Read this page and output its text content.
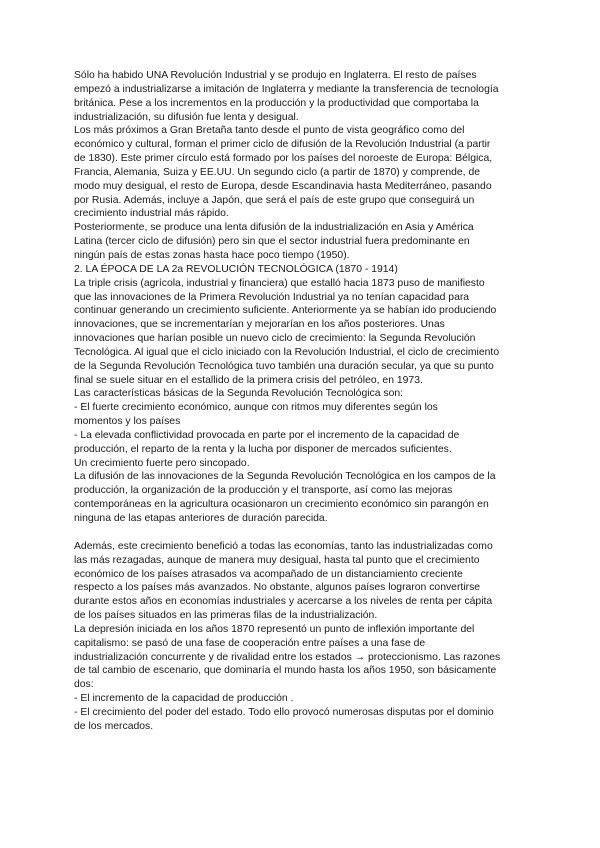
Sólo ha habido UNA Revolución Industrial y se produjo en Inglaterra. El resto de países
empezó a industrializarse a imitación de Inglaterra y mediante la transferencia de tecnología
británica. Pese a los incrementos en la producción y la productividad que comportaba la
industrialización, su difusión fue lenta y desigual.

Los más próximos a Gran Bretaña tanto desde el punto de vista geográfico como del
económico y cultural, forman el primer ciclo de difusión de la Revolución Industrial (a partir
de 1830). Este primer círculo está formado por los países del noroeste de Europa: Bélgica,
Francia, Alemania, Suiza y EE.UU. Un segundo ciclo (a partir de 1870) y comprende, de
modo muy desigual, el resto de Europa, desde Escandinavia hasta Mediterráneo, pasando
por Rusia. Además, incluye a Japón, que será el país de este grupo que conseguirá un
crecimiento industrial más rápido.

Posteriormente, se produce una lenta difusión de la industrialización en Asia y América
Latina (tercer ciclo de difusión) pero sin que el sector industrial fuera predominante en
ningún país de estas zonas hasta hace poco tiempo (1950).

2. LA ÉPOCA DE LA 2a REVOLUCIÓN TECNOLÓGICA (1870 - 1914)

La triple crisis (agrícola, industrial y financiera) que estalló hacia 1873 puso de manifiesto
que las innovaciones de la Primera Revolución Industrial ya no tenían capacidad para
continuar generando un crecimiento suficiente. Anteriormente ya se habían ido produciendo
innovaciones, que se incrementarían y mejorarían en los años posteriores. Unas
innovaciones que harían posible un nuevo ciclo de crecimiento: la Segunda Revolución
Tecnológica. Al igual que el ciclo iniciado con la Revolución Industrial, el ciclo de crecimiento
de la Segunda Revolución Tecnológica tuvo también una duración secular, ya que su punto
final se suele situar en el estallido de la primera crisis del petróleo, en 1973.

Las características básicas de la Segunda Revolución Tecnológica son:

- El fuerte crecimiento económico, aunque con ritmos muy diferentes según los
momentos y los países

- La elevada conflictividad provocada en parte por el incremento de la capacidad de
producción, el reparto de la renta y la lucha por disponer de mercados suficientes.

Un crecimiento fuerte pero sincopado.

La difusión de las innovaciones de la Segunda Revolución Tecnológica en los campos de la
producción, la organización de la producción y el transporte, así como las mejoras
contemporáneas en la agricultura ocasionaron un crecimiento económico sin parangón en
ninguna de las etapas anteriores de duración parecida.

Además, este crecimiento benefició a todas las economías, tanto las industrializadas como
las más rezagadas, aunque de manera muy desigual, hasta tal punto que el crecimiento
económico de los países atrasados va acompañado de un distanciamiento creciente
respecto a los países más avanzados. No obstante, algunos países lograron convertirse
durante estos años en economías industriales y acercarse a los niveles de renta per cápita
de los países situados en las primeras filas de la industrialización.

La depresión iniciada en los años 1870 representó un punto de inflexión importante del
capitalismo: se pasó de una fase de cooperación entre países a una fase de
industrialización concurrente y de rivalidad entre los estados → proteccionismo. Las razones
de tal cambio de escenario, que dominaría el mundo hasta los años 1950, son básicamente
dos:

- El incremento de la capacidad de producción .

- El crecimiento del poder del estado. Todo ello provocó numerosas disputas por el dominio
de los mercados.
